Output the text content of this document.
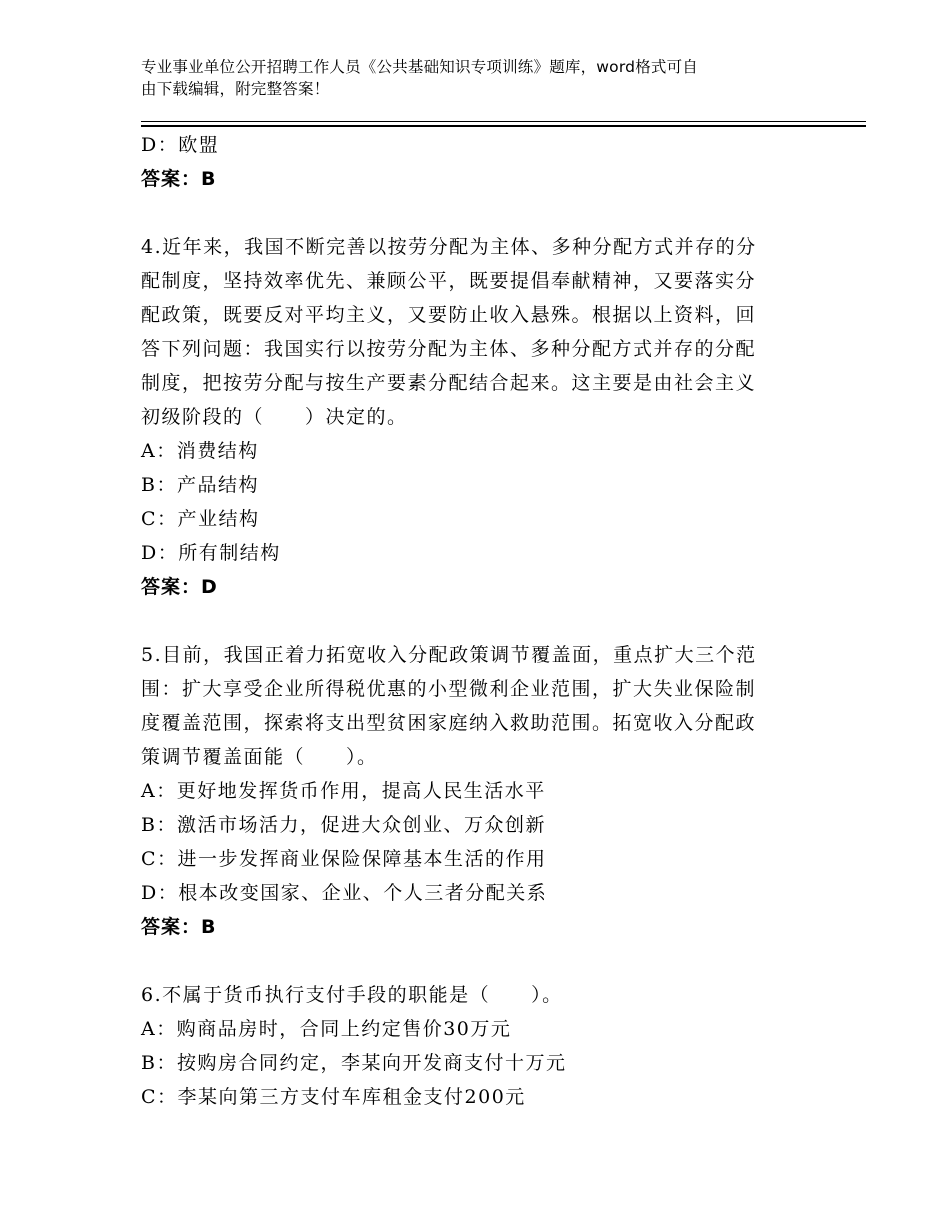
专业事业单位公开招聘工作人员《公共基础知识专项训练》题库，word格式可自
由下载编辑，附完整答案！
D：欧盟
答案：B
4.近年来，我国不断完善以按劳分配为主体、多种分配方式并存的分
配制度，坚持效率优先、兼顾公平，既要提倡奉献精神，又要落实分
配政策，既要反对平均主义，又要防止收入悬殊。根据以上资料，回
答下列问题：我国实行以按劳分配为主体、多种分配方式并存的分配
制度，把按劳分配与按生产要素分配结合起来。这主要是由社会主义
初级阶段的（　　）决定的。
A：消费结构
B：产品结构
C：产业结构
D：所有制结构
答案：D
5.目前，我国正着力拓宽收入分配政策调节覆盖面，重点扩大三个范
围：扩大享受企业所得税优惠的小型微利企业范围，扩大失业保险制
度覆盖范围，探索将支出型贫困家庭纳入救助范围。拓宽收入分配政
策调节覆盖面能（　　）。
A：更好地发挥货币作用，提高人民生活水平
B：激活市场活力，促进大众创业、万众创新
C：进一步发挥商业保险保障基本生活的作用
D：根本改变国家、企业、个人三者分配关系
答案：B
6.不属于货币执行支付手段的职能是（　　）。
A：购商品房时，合同上约定售价30万元
B：按购房合同约定，李某向开发商支付十万元
C：李某向第三方支付车库租金支付200元
